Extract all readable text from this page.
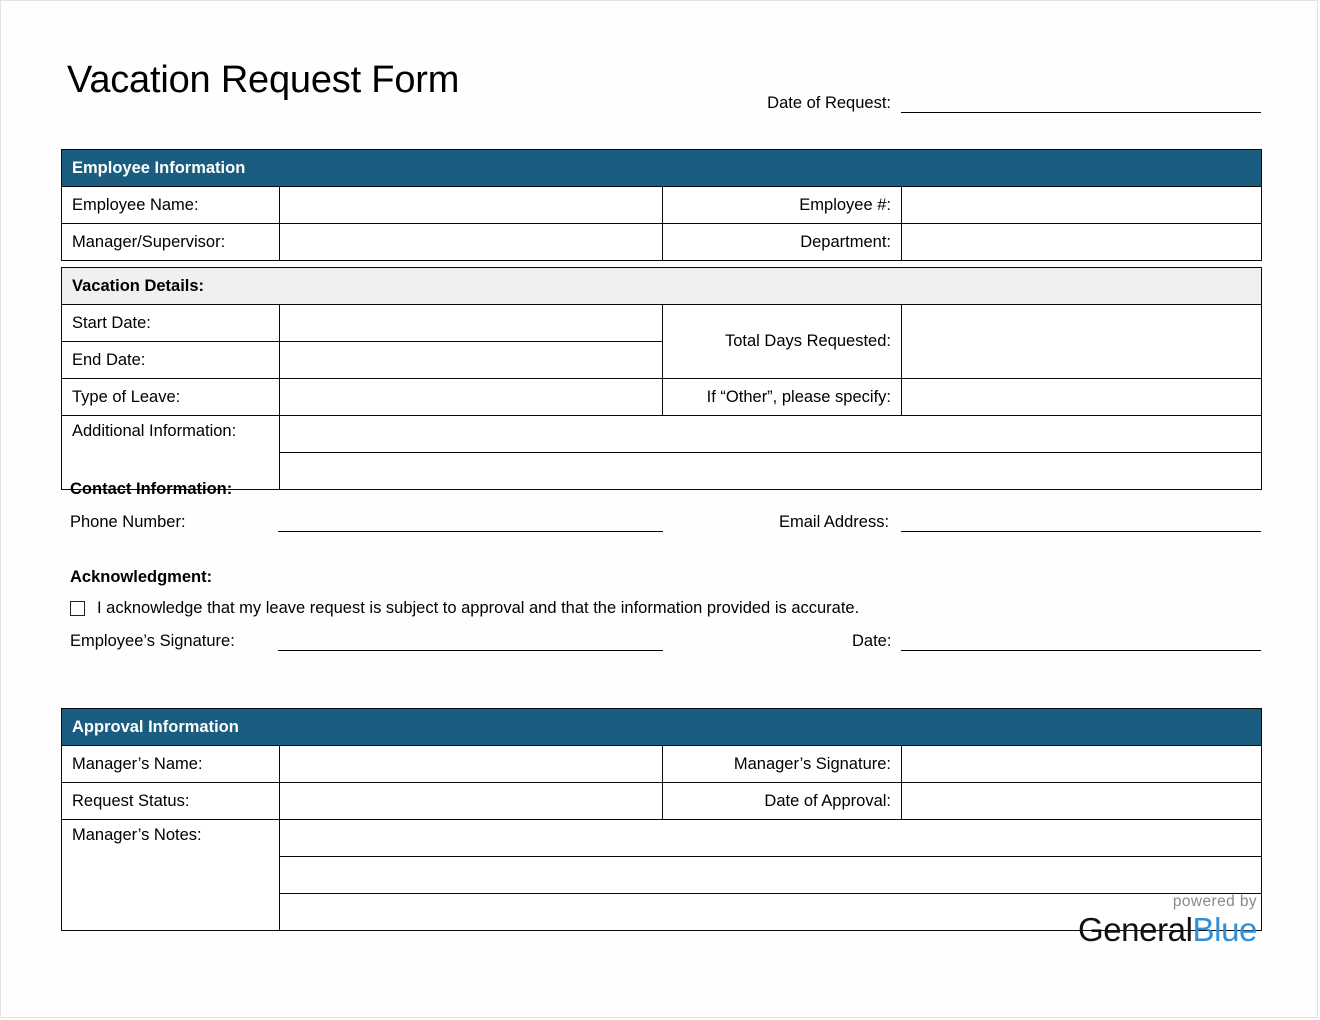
Vacation Request Form
Date of Request:
Employee Information			
Employee Name:		Employee #:	
Manager/Supervisor:		Department:	
Vacation Details:			
Start Date:		Total Days Requested:	
End Date:			
Type of Leave:		If “Other”, please specify:	
Additional Information:			

Contact Information:
Phone Number:	Email Address:
Acknowledgment:
I acknowledge that my leave request is subject to approval and that the information provided is accurate.
Employee’s Signature:	Date:
Approval Information			
Manager’s Name:		Manager’s Signature:	
Request Status:		Date of Approval:	
Manager’s Notes:			

powered by
GeneralBlue
